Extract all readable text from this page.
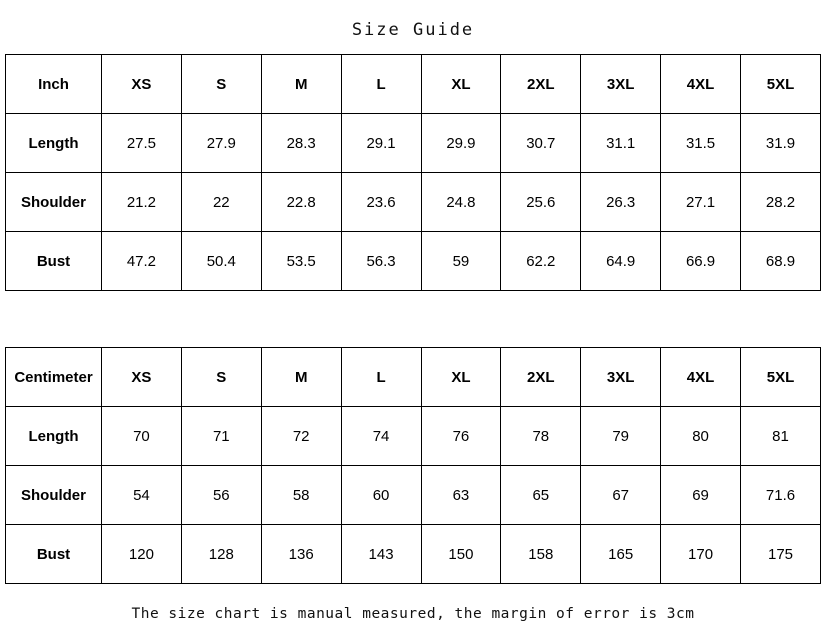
Size Guide
Inch	XS	S	M	L	XL	2XL	3XL	4XL	5XL
Length	27.5	27.9	28.3	29.1	29.9	30.7	31.1	31.5	31.9
Shoulder	21.2	22	22.8	23.6	24.8	25.6	26.3	27.1	28.2
Bust	47.2	50.4	53.5	56.3	59	62.2	64.9	66.9	68.9
Centimeter	XS	S	M	L	XL	2XL	3XL	4XL	5XL
Length	70	71	72	74	76	78	79	80	81
Shoulder	54	56	58	60	63	65	67	69	71.6
Bust	120	128	136	143	150	158	165	170	175
The size chart is manual measured, the margin of error is 3cm
